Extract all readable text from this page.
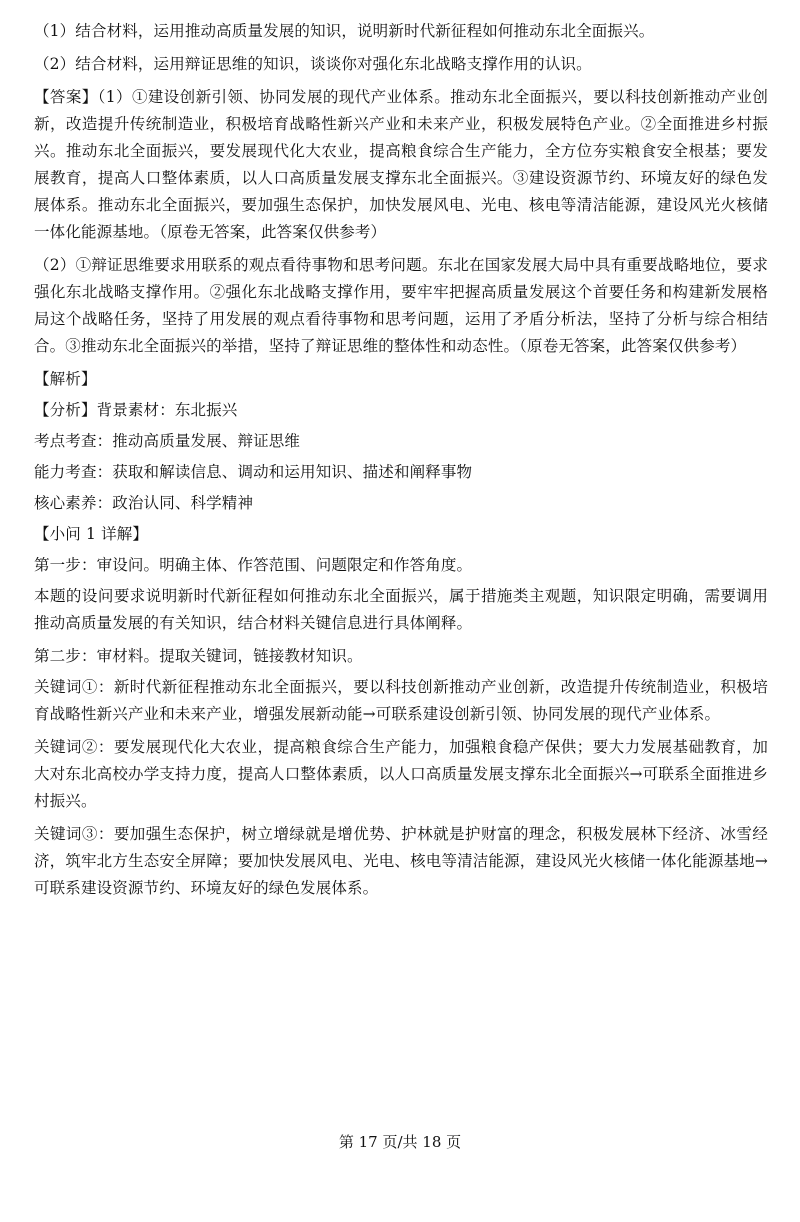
（1）结合材料，运用推动高质量发展的知识，说明新时代新征程如何推动东北全面振兴。

（2）结合材料，运用辩证思维的知识，谈谈你对强化东北战略支撑作用的认识。

【答案】（1）①建设创新引领、协同发展的现代产业体系。推动东北全面振兴，要以科技创新推动产业创新，改造提升传统制造业，积极培育战略性新兴产业和未来产业，积极发展特色产业。②全面推进乡村振兴。推动东北全面振兴，要发展现代化大农业，提高粮食综合生产能力，全方位夯实粮食安全根基；要发展教育，提高人口整体素质，以人口高质量发展支撑东北全面振兴。③建设资源节约、环境友好的绿色发展体系。推动东北全面振兴，要加强生态保护，加快发展风电、光电、核电等清洁能源，建设风光火核储一体化能源基地。（原卷无答案，此答案仅供参考）

（2）①辩证思维要求用联系的观点看待事物和思考问题。东北在国家发展大局中具有重要战略地位，要求强化东北战略支撑作用。②强化东北战略支撑作用，要牢牢把握高质量发展这个首要任务和构建新发展格局这个战略任务，坚持了用发展的观点看待事物和思考问题，运用了矛盾分析法，坚持了分析与综合相结合。③推动东北全面振兴的举措，坚持了辩证思维的整体性和动态性。（原卷无答案，此答案仅供参考）

【解析】

【分析】背景素材：东北振兴

考点考查：推动高质量发展、辩证思维

能力考查：获取和解读信息、调动和运用知识、描述和阐释事物

核心素养：政治认同、科学精神

【小问 1 详解】

第一步：审设问。明确主体、作答范围、问题限定和作答角度。

本题的设问要求说明新时代新征程如何推动东北全面振兴，属于措施类主观题，知识限定明确，需要调用推动高质量发展的有关知识，结合材料关键信息进行具体阐释。

第二步：审材料。提取关键词，链接教材知识。

关键词①：新时代新征程推动东北全面振兴，要以科技创新推动产业创新，改造提升传统制造业，积极培育战略性新兴产业和未来产业，增强发展新动能→可联系建设创新引领、协同发展的现代产业体系。

关键词②：要发展现代化大农业，提高粮食综合生产能力，加强粮食稳产保供；要大力发展基础教育，加大对东北高校办学支持力度，提高人口整体素质，以人口高质量发展支撑东北全面振兴→可联系全面推进乡村振兴。

关键词③：要加强生态保护，树立增绿就是增优势、护林就是护财富的理念，积极发展林下经济、冰雪经济，筑牢北方生态安全屏障；要加快发展风电、光电、核电等清洁能源，建设风光火核储一体化能源基地→可联系建设资源节约、环境友好的绿色发展体系。

第 17 页/共 18 页
